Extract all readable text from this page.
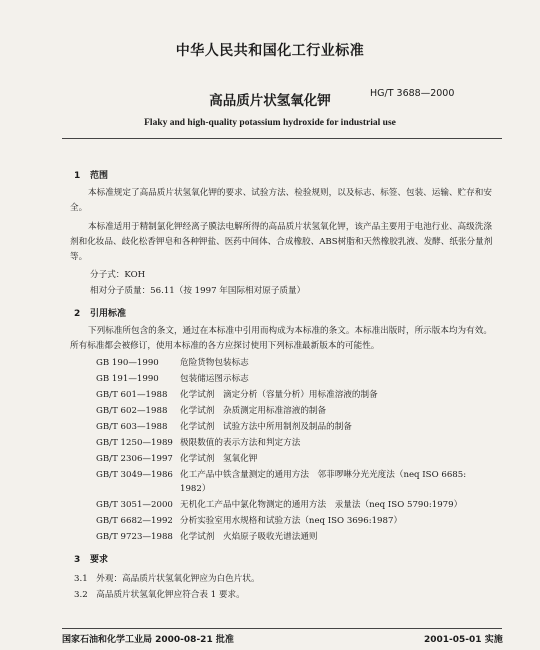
中华人民共和国化工行业标准
高品质片状氢氧化钾	HG/T 3688—2000
Flaky and high-quality potassium hydroxide for industrial use
1 范围
本标准规定了高品质片状氢氧化钾的要求、试验方法、检验规则，以及标志、标签、包装、运输、贮存和安全。
本标准适用于精制氯化钾经离子膜法电解所得的高品质片状氢氧化钾，该产品主要用于电池行业、高级洗涤剂和化妆品、歧化松香钾皂和各种钾盐、医药中间体、合成橡胶、ABS树脂和天然橡胶乳液、发酵、纸张分量剂等。
分子式：KOH
相对分子质量：56.11（按 1997 年国际相对原子质量）
2 引用标准
下列标准所包含的条文，通过在本标准中引用而构成为本标准的条文。本标准出版时，所示版本均为有效。所有标准都会被修订，使用本标准的各方应探讨使用下列标准最新版本的可能性。
GB 190—1990 危险货物包装标志
GB 191—1990 包装储运图示标志
GB/T 601—1988 化学试剂　滴定分析（容量分析）用标准溶液的制备
GB/T 602—1988 化学试剂　杂质测定用标准溶液的制备
GB/T 603—1988 化学试剂　试验方法中所用制剂及制品的制备
GB/T 1250—1989 极限数值的表示方法和判定方法
GB/T 2306—1997 化学试剂　氢氧化钾
GB/T 3049—1986 化工产品中铁含量测定的通用方法　邻菲啰啉分光光度法（neq ISO 6685:
1982）
GB/T 3051—2000 无机化工产品中氯化物测定的通用方法　汞量法（neq ISO 5790:1979）
GB/T 6682—1992 分析实验室用水规格和试验方法（neq ISO 3696:1987）
GB/T 9723—1988 化学试剂　火焰原子吸收光谱法通则
3 要求
3.1　外观：高品质片状氢氧化钾应为白色片状。
3.2　高品质片状氢氧化钾应符合表 1 要求。
国家石油和化学工业局 2000-08-21 批准	2001-05-01 实施
